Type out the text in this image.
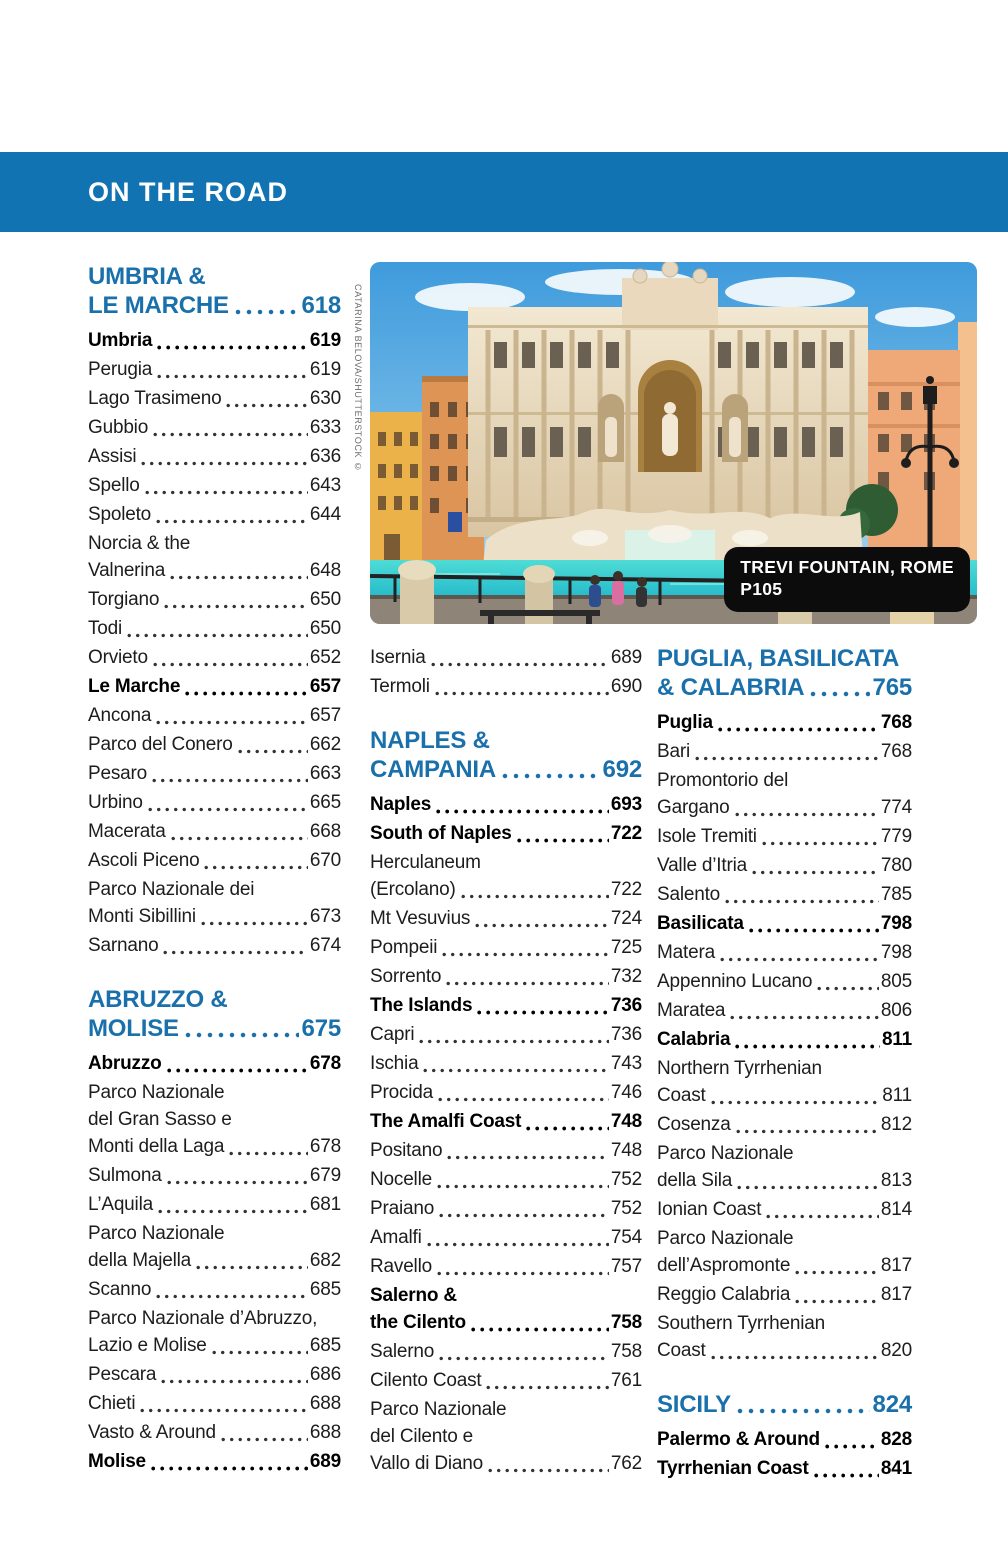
ON THE ROAD
UMBRIA &
LE MARCHE	618
Umbria	619
Perugia	619
Lago Trasimeno	630
Gubbio	633
Assisi	636
Spello	643
Spoleto	644
Norcia & the
Valnerina	648
Torgiano	650
Todi	650
Orvieto	652
Le Marche	657
Ancona	657
Parco del Conero	662
Pesaro	663
Urbino	665
Macerata	668
Ascoli Piceno	670
Parco Nazionale dei
Monti Sibillini	673
Sarnano	674
ABRUZZO &
MOLISE	675
Abruzzo	678
Parco Nazionale
del Gran Sasso e
Monti della Laga	678
Sulmona	679
L’Aquila	681
Parco Nazionale
della Majella	682
Scanno	685
Parco Nazionale d’Abruzzo,
Lazio e Molise	685
Pescara	686
Chieti	688
Vasto & Around	688
Molise	689
CATARINA BELOVA/SHUTTERSTOCK ©
TREVI FOUNTAIN, ROME
P105
Isernia	689
Termoli	690
NAPLES &
CAMPANIA	692
Naples	693
South of Naples	722
Herculaneum
(Ercolano)	722
Mt Vesuvius	724
Pompeii	725
Sorrento	732
The Islands	736
Capri	736
Ischia	743
Procida	746
The Amalfi Coast	748
Positano	748
Nocelle	752
Praiano	752
Amalfi	754
Ravello	757
Salerno &
the Cilento	758
Salerno	758
Cilento Coast	761
Parco Nazionale
del Cilento e
Vallo di Diano	762
PUGLIA, BASILICATA
& CALABRIA	765
Puglia	768
Bari	768
Promontorio del
Gargano	774
Isole Tremiti	779
Valle d’Itria	780
Salento	785
Basilicata	798
Matera	798
Appennino Lucano	805
Maratea	806
Calabria	811
Northern Tyrrhenian
Coast	811
Cosenza	812
Parco Nazionale
della Sila	813
Ionian Coast	814
Parco Nazionale
dell’Aspromonte	817
Reggio Calabria	817
Southern Tyrrhenian
Coast	820
SICILY	824
Palermo & Around	828
Tyrrhenian Coast	841
